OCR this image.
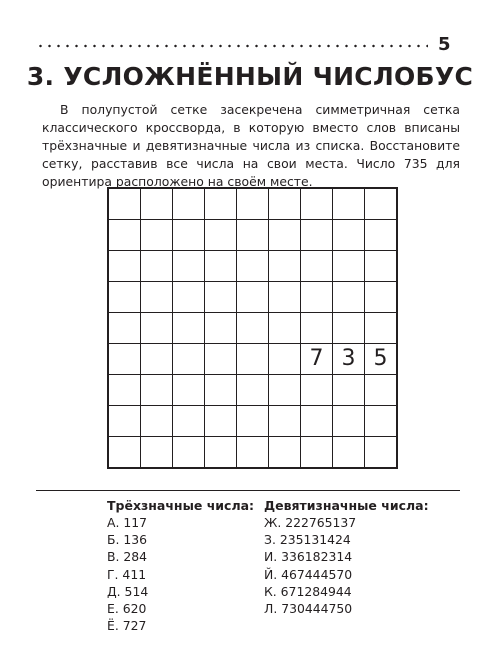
5
3. УСЛОЖНЁННЫЙ ЧИСЛОБУС

В полупустой сетке засекречена симметричная сетка классического кроссворда, в которую вместо слов вписаны трёхзначные и девятизначные числа из списка. Восстановите сетку, расставив все числа на свои места. Число 735 для ориентира расположено на своём месте.

						7	3	5

Трёхзначные числа:
А. 117
Б. 136
В. 284
Г. 411
Д. 514
Е. 620
Ё. 727
Девятизначные числа:
Ж. 222765137
З. 235131424
И. 336182314
Й. 467444570
К. 671284944
Л. 730444750
